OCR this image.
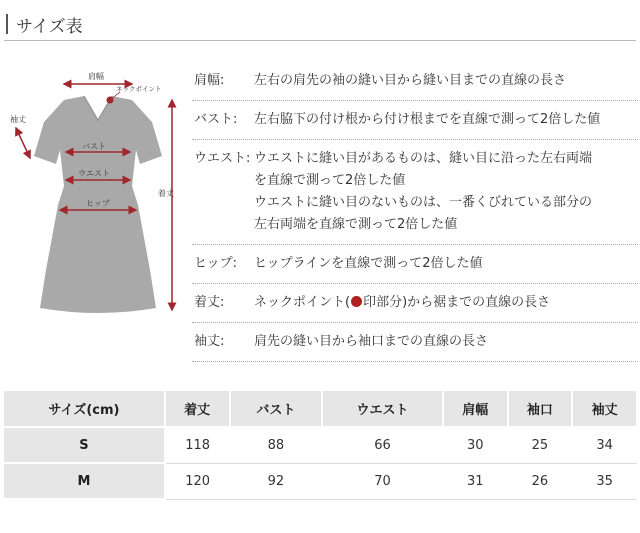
サイズ表
肩幅
ネックポイント
袖丈
バスト
ウエスト
ヒップ
着丈
肩幅:	左右の肩先の袖の縫い目から縫い目までの直線の長さ
バスト:	左右脇下の付け根から付け根までを直線で測って2倍した値
ウエスト: ウエストに縫い目があるものは、縫い目に沿った左右両端
を直線で測って2倍した値
ウエストに縫い目のないものは、一番くびれている部分の
左右両端を直線で測って2倍した値
ヒップ:	ヒップラインを直線で測って2倍した値
着丈:	ネックポイント( 印部分)から裾までの直線の長さ
袖丈:	肩先の縫い目から袖口までの直線の長さ
サイズ(cm)	着丈	バスト	ウエスト	肩幅	袖口	袖丈
S	118	88	66	30	25	34
M	120	92	70	31	26	35
